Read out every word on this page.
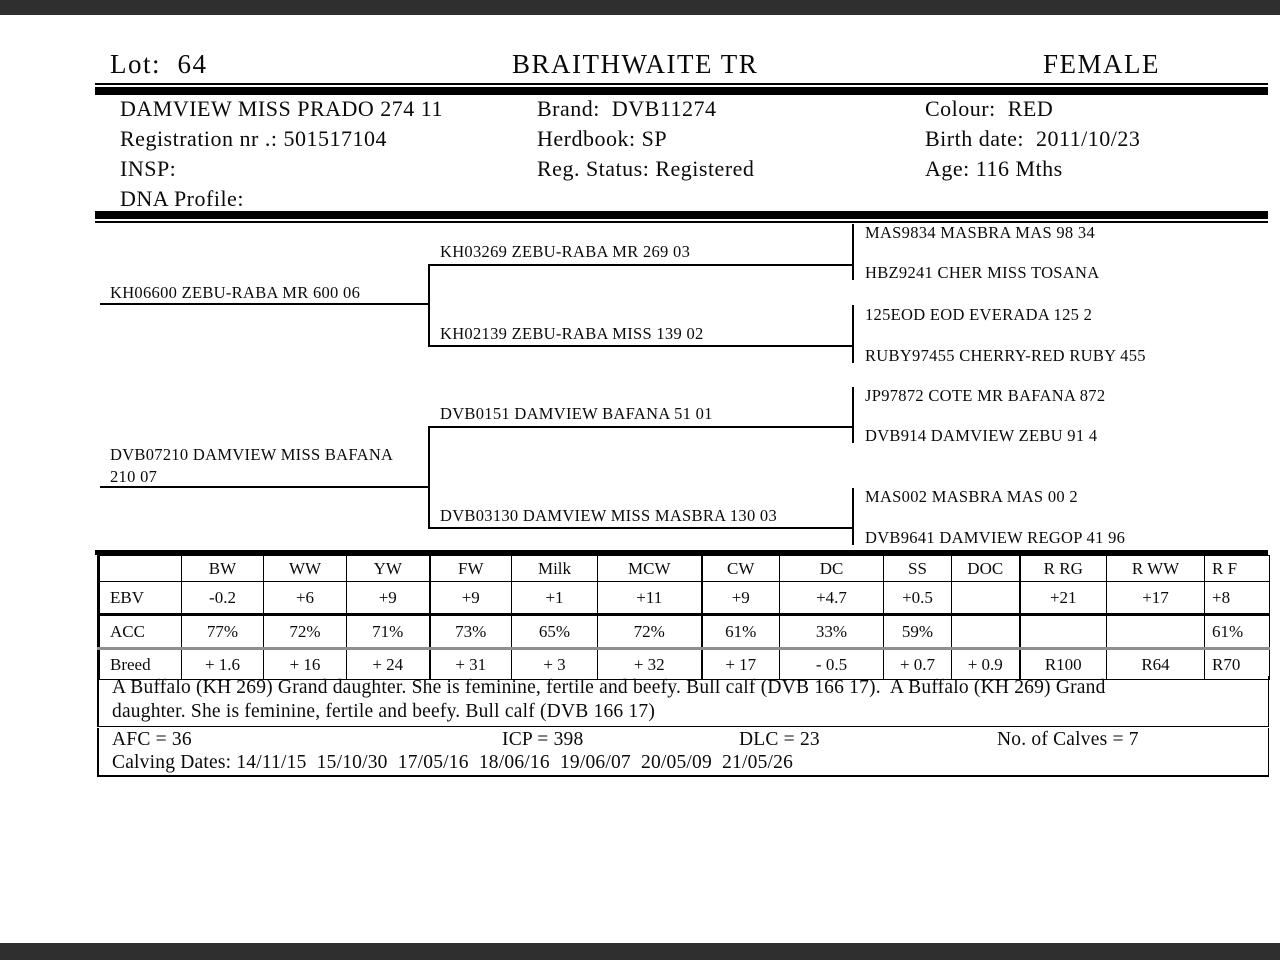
Lot: 64	BRAITHWAITE TR	FEMALE
DAMVIEW MISS PRADO 274 11
Registration nr .: 501517104
INSP:
DNA Profile:
Brand:  DVB11274
Herdbook: SP
Reg. Status: Registered
Colour:  RED
Birth date:  2011/10/23
Age: 116 Mths
KH06600 ZEBU-RABA MR 600 06
DVB07210 DAMVIEW MISS BAFANA
210 07
KH03269 ZEBU-RABA MR 269 03
KH02139 ZEBU-RABA MISS 139 02
DVB0151 DAMVIEW BAFANA 51 01
DVB03130 DAMVIEW MISS MASBRA 130 03
MAS9834 MASBRA MAS 98 34
HBZ9241 CHER MISS TOSANA
125EOD EOD EVERADA 125 2
RUBY97455 CHERRY-RED RUBY 455
JP97872 COTE MR BAFANA 872
DVB914 DAMVIEW ZEBU 91 4
MAS002 MASBRA MAS 00 2
DVB9641 DAMVIEW REGOP 41 96
	BW	WW	YW	FW	Milk	MCW	CW	DC	SS	DOC	R RG	R WW	R F
EBV	-0.2	+6	+9	+9	+1	+11	+9	+4.7	+0.5		+21	+17	+8
ACC	77%	72%	71%	73%	65%	72%	61%	33%	59%				61%
Breed	+ 1.6	+ 16	+ 24	+ 31	+ 3	+ 32	+ 17	- 0.5	+ 0.7	+ 0.9	R100	R64	R70
A Buffalo (KH 269) Grand daughter. She is feminine, fertile and beefy. Bull calf (DVB 166 17).  A Buffalo (KH 269) Grand
daughter. She is feminine, fertile and beefy. Bull calf (DVB 166 17)
AFC = 36	ICP = 398	DLC = 23	No. of Calves = 7
Calving Dates: 14/11/15  15/10/30  17/05/16  18/06/16  19/06/07  20/05/09  21/05/26
